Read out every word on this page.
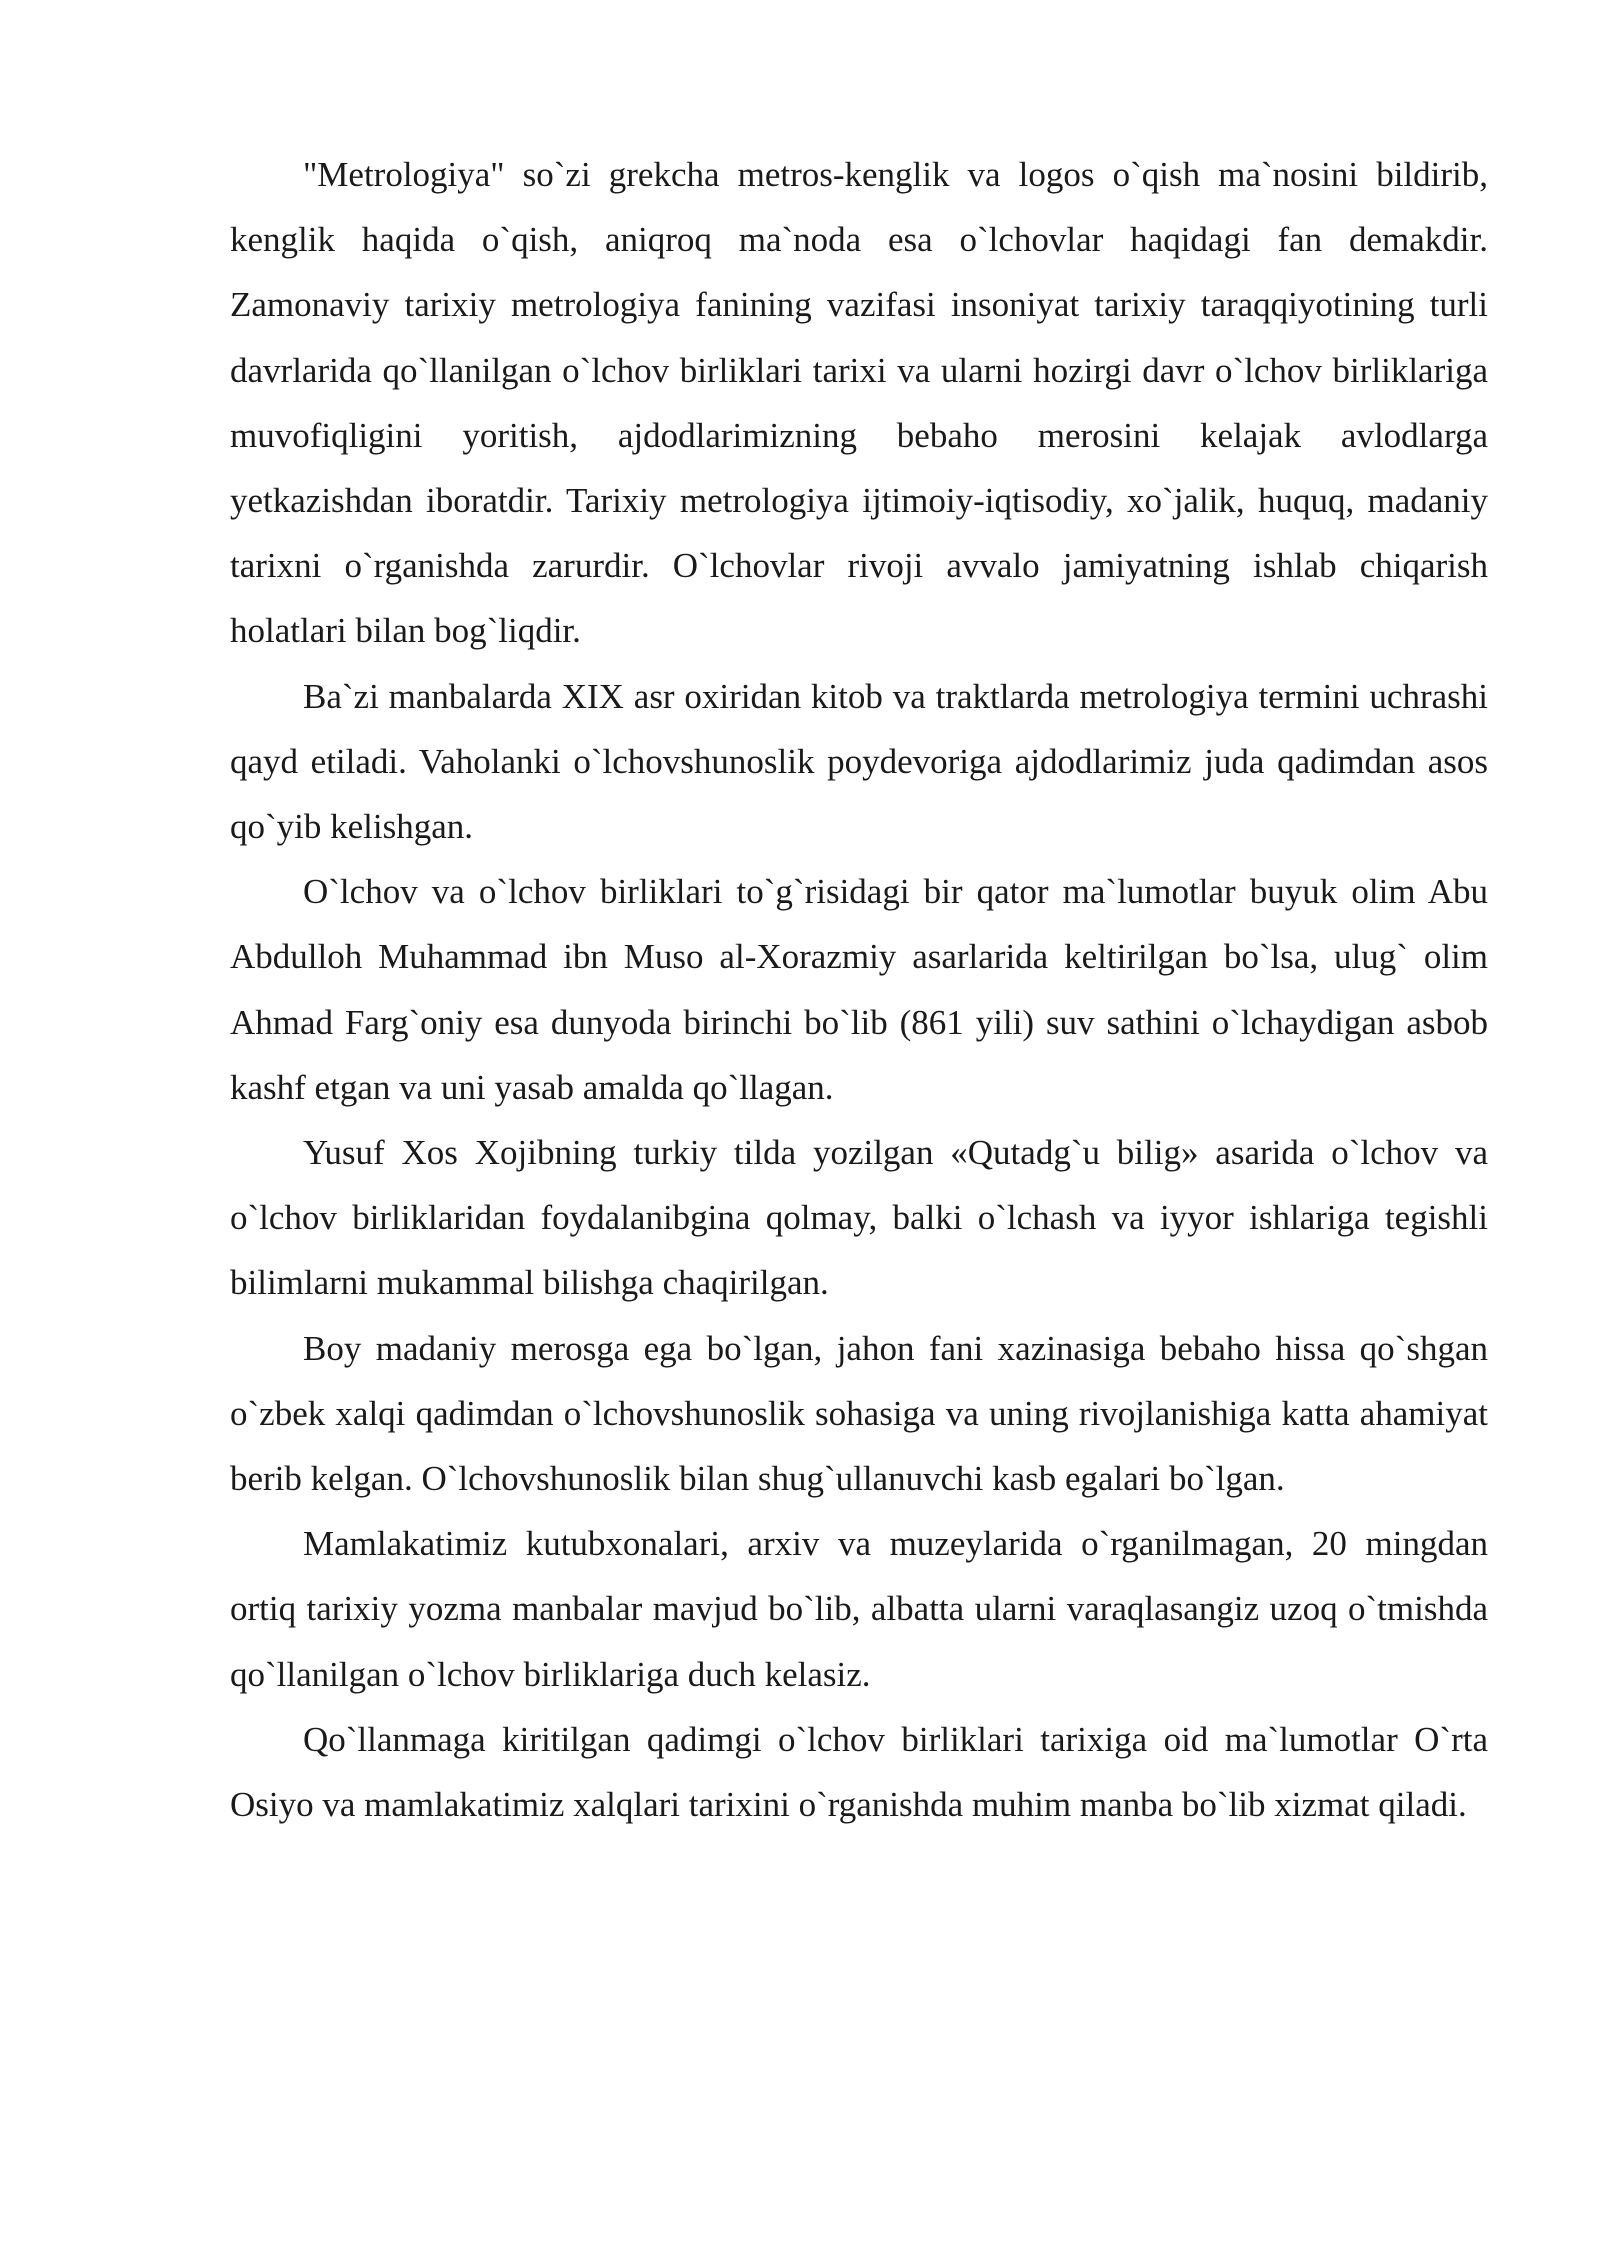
"Metrologiya" so`zi grekcha metros-kenglik va logos o`qish ma`nosini bildirib, kenglik haqida o`qish, aniqroq ma`noda esa o`lchovlar haqidagi fan demakdir. Zamonaviy tarixiy metrologiya fanining vazifasi insoniyat tarixiy taraqqiyotining turli davrlarida qo`llanilgan o`lchov birliklari tarixi va ularni hozirgi davr o`lchov birliklariga muvofiqligini yoritish, ajdodlarimizning bebaho merosini kelajak avlodlarga yetkazishdan iboratdir. Tarixiy metrologiya ijtimoiy-iqtisodiy, xo`jalik, huquq, madaniy tarixni o`rganishda zarurdir. O`lchovlar rivoji avvalo jamiyatning ishlab chiqarish holatlari bilan bog`liqdir.

Ba`zi manbalarda XIX asr oxiridan kitob va traktlarda metrologiya termini uchrashi qayd etiladi. Vaholanki o`lchovshunoslik poydevoriga ajdodlarimiz juda qadimdan asos qo`yib kelishgan.

O`lchov va o`lchov birliklari to`g`risidagi bir qator ma`lumotlar buyuk olim Abu Abdulloh Muhammad ibn Muso al-Xorazmiy asarlarida keltirilgan bo`lsa, ulug` olim Ahmad Farg`oniy esa dunyoda birinchi bo`lib (861 yili) suv sathini o`lchaydigan asbob kashf etgan va uni yasab amalda qo`llagan.

Yusuf Xos Xojibning turkiy tilda yozilgan «Qutadg`u bilig» asarida o`lchov va o`lchov birliklaridan foydalanibgina qolmay, balki o`lchash va iyyor ishlariga tegishli bilimlarni mukammal bilishga chaqirilgan.

Boy madaniy merosga ega bo`lgan, jahon fani xazinasiga bebaho hissa qo`shgan o`zbek xalqi qadimdan o`lchovshunoslik sohasiga va uning rivojlanishiga katta ahamiyat berib kelgan. O`lchovshunoslik bilan shug`ullanuvchi kasb egalari bo`lgan.

Mamlakatimiz kutubxonalari, arxiv va muzeylarida o`rganilmagan, 20 mingdan ortiq tarixiy yozma manbalar mavjud bo`lib, albatta ularni varaqlasangiz uzoq o`tmishda qo`llanilgan o`lchov birliklariga duch kelasiz.

Qo`llanmaga kiritilgan qadimgi o`lchov birliklari tarixiga oid ma`lumotlar O`rta Osiyo va mamlakatimiz xalqlari tarixini o`rganishda muhim manba bo`lib xizmat qiladi.
